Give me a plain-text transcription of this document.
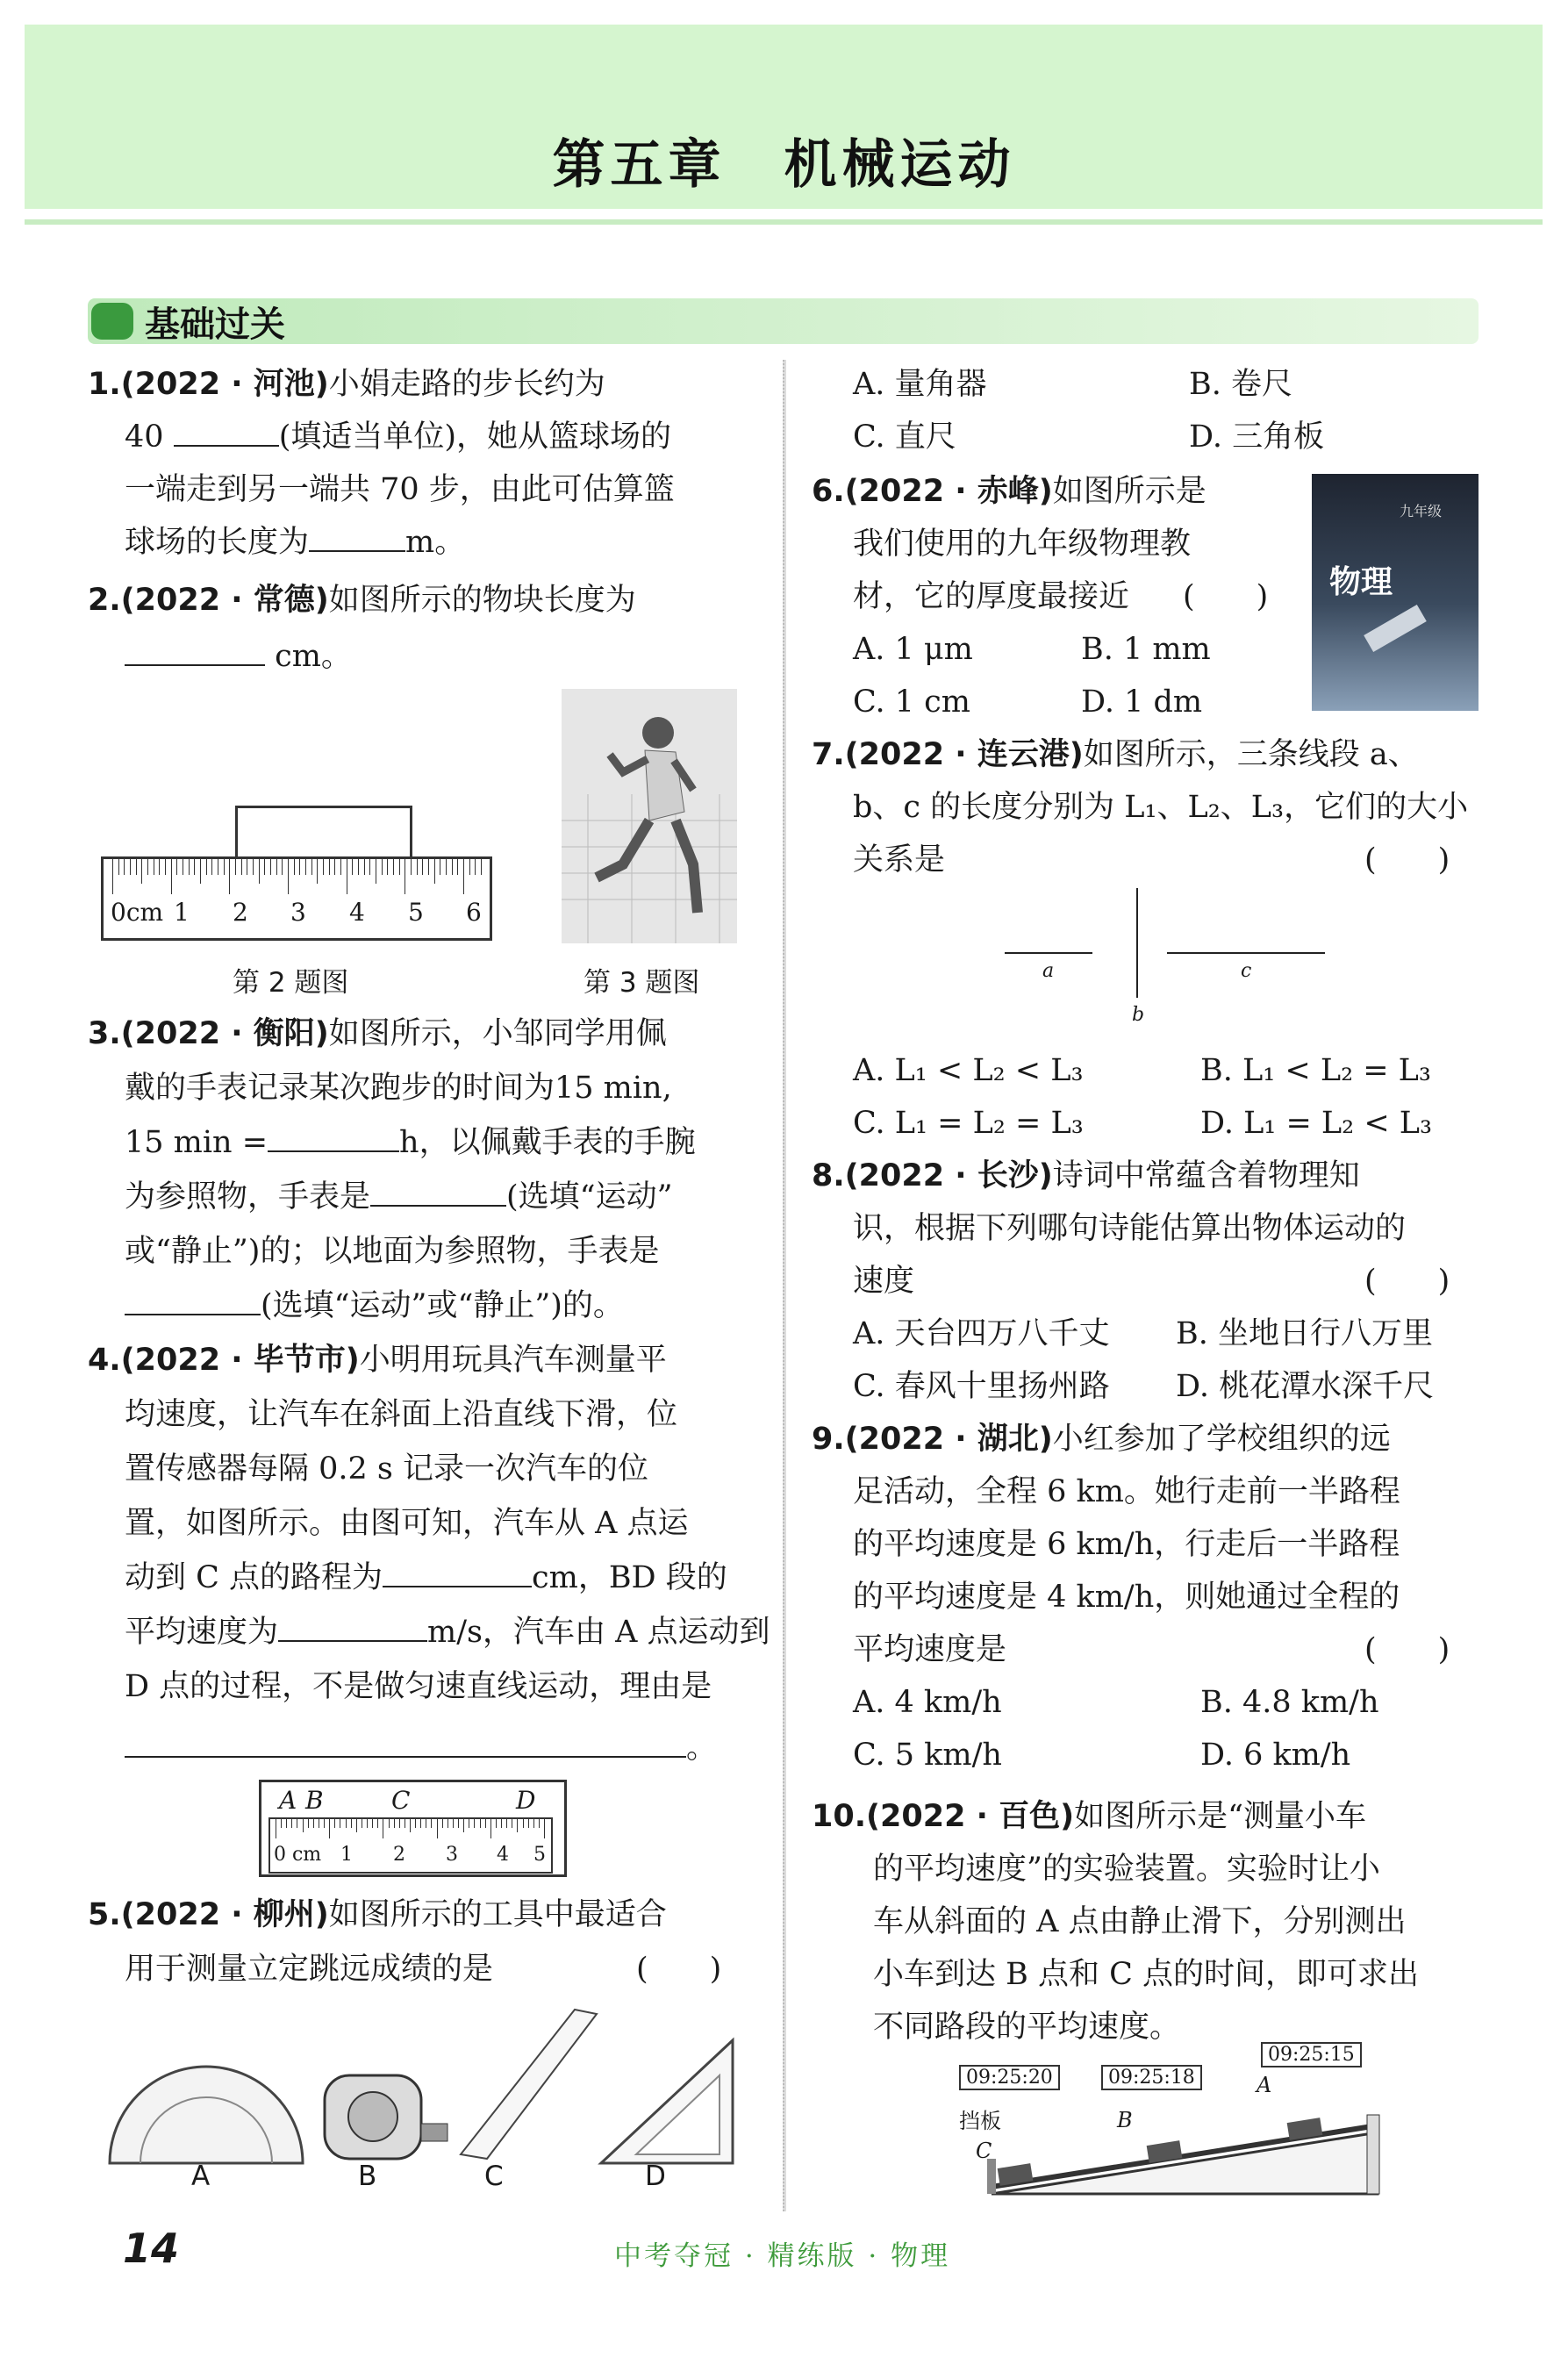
第五章　机械运动
基础过关
1.(2022 · 河池)小娟走路的步长约为
40	(填适当单位)，她从篮球场的
一端走到另一端共 70 步，由此可估算篮
球场的长度为	m。
2.(2022 · 常德)如图所示的物块长度为
cm。
0cm 1 2 3 4 5 6
第 2 题图	第 3 题图
3.(2022 · 衡阳)如图所示，小邹同学用佩
戴的手表记录某次跑步的时间为15 min,
15 min =	h，以佩戴手表的手腕
为参照物，手表是	(选填“运动”
或“静止”)的；以地面为参照物，手表是
(选填“运动”或“静止”)的。
4.(2022 · 毕节市)小明用玩具汽车测量平
均速度，让汽车在斜面上沿直线下滑，位
置传感器每隔 0.2 s 记录一次汽车的位
置，如图所示。由图可知，汽车从 A 点运
动到 C 点的路程为	cm，BD 段的
平均速度为	m/s，汽车由 A 点运动到
D 点的过程，不是做匀速直线运动，理由是
。
A B	C	D
0 cm 1 2 3 4 5
5.(2022 · 柳州)如图所示的工具中最适合
用于测量立定跳远成绩的是	(　　)
A	B	C	D
A. 量角器	B. 卷尺
C. 直尺	D. 三角板
6.(2022 · 赤峰)如图所示是
我们使用的九年级物理教
材，它的厚度最接近 (　　)
A. 1 μm	B. 1 mm
C. 1 cm	D. 1 dm
九年级
物理
7.(2022 · 连云港)如图所示，三条线段 a、
b、c 的长度分别为 L₁、L₂、L₃，它们的大小
关系是	(　　)
a
b
c
A. L₁ < L₂ < L₃	B. L₁ < L₂ = L₃
C. L₁ = L₂ = L₃	D. L₁ = L₂ < L₃
8.(2022 · 长沙)诗词中常蕴含着物理知
识，根据下列哪句诗能估算出物体运动的
速度	(　　)
A. 天台四万八千丈 B. 坐地日行八万里
C. 春风十里扬州路 D. 桃花潭水深千尺
9.(2022 · 湖北)小红参加了学校组织的远
足活动，全程 6 km。她行走前一半路程
的平均速度是 6 km/h，行走后一半路程
的平均速度是 4 km/h，则她通过全程的
平均速度是	(　　)
A. 4 km/h	B. 4.8 km/h
C. 5 km/h	D. 6 km/h
10.(2022 · 百色)如图所示是“测量小车
的平均速度”的实验装置。实验时让小
车从斜面的 A 点由静止滑下，分别测出
小车到达 B 点和 C 点的时间，即可求出
不同路段的平均速度。
09:25:20	09:25:18
09:25:15
挡板
C
B
A
14	中考夺冠 · 精练版 · 物理
